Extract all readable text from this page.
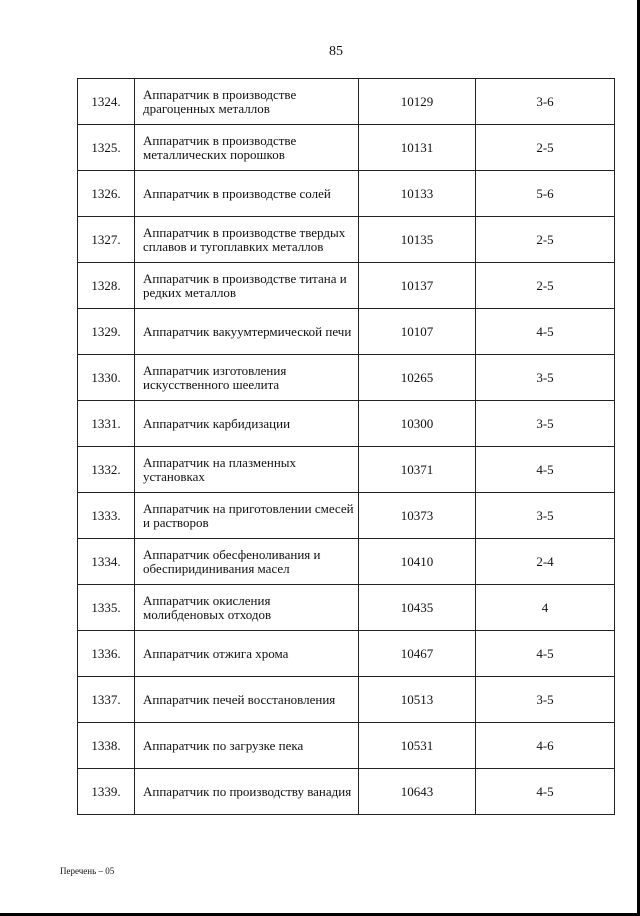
85
1324.	Аппаратчик в производстве драгоценных металлов	10129	3-6
1325.	Аппаратчик в производстве металлических порошков	10131	2-5
1326.	Аппаратчик в производстве солей	10133	5-6
1327.	Аппаратчик в производстве твердых сплавов и тугоплавких металлов	10135	2-5
1328.	Аппаратчик в производстве титана и редких металлов	10137	2-5
1329.	Аппаратчик вакуумтермической печи	10107	4-5
1330.	Аппаратчик изготовления искусственного шеелита	10265	3-5
1331.	Аппаратчик карбидизации	10300	3-5
1332.	Аппаратчик на плазменных установках	10371	4-5
1333.	Аппаратчик на приготовлении смесей и растворов	10373	3-5
1334.	Аппаратчик обесфеноливания и обеспиридинивания масел	10410	2-4
1335.	Аппаратчик окисления молибденовых отходов	10435	4
1336.	Аппаратчик отжига хрома	10467	4-5
1337.	Аппаратчик печей восстановления	10513	3-5
1338.	Аппаратчик по загрузке пека	10531	4-6
1339.	Аппаратчик по производству ванадия	10643	4-5
Перечень – 05
